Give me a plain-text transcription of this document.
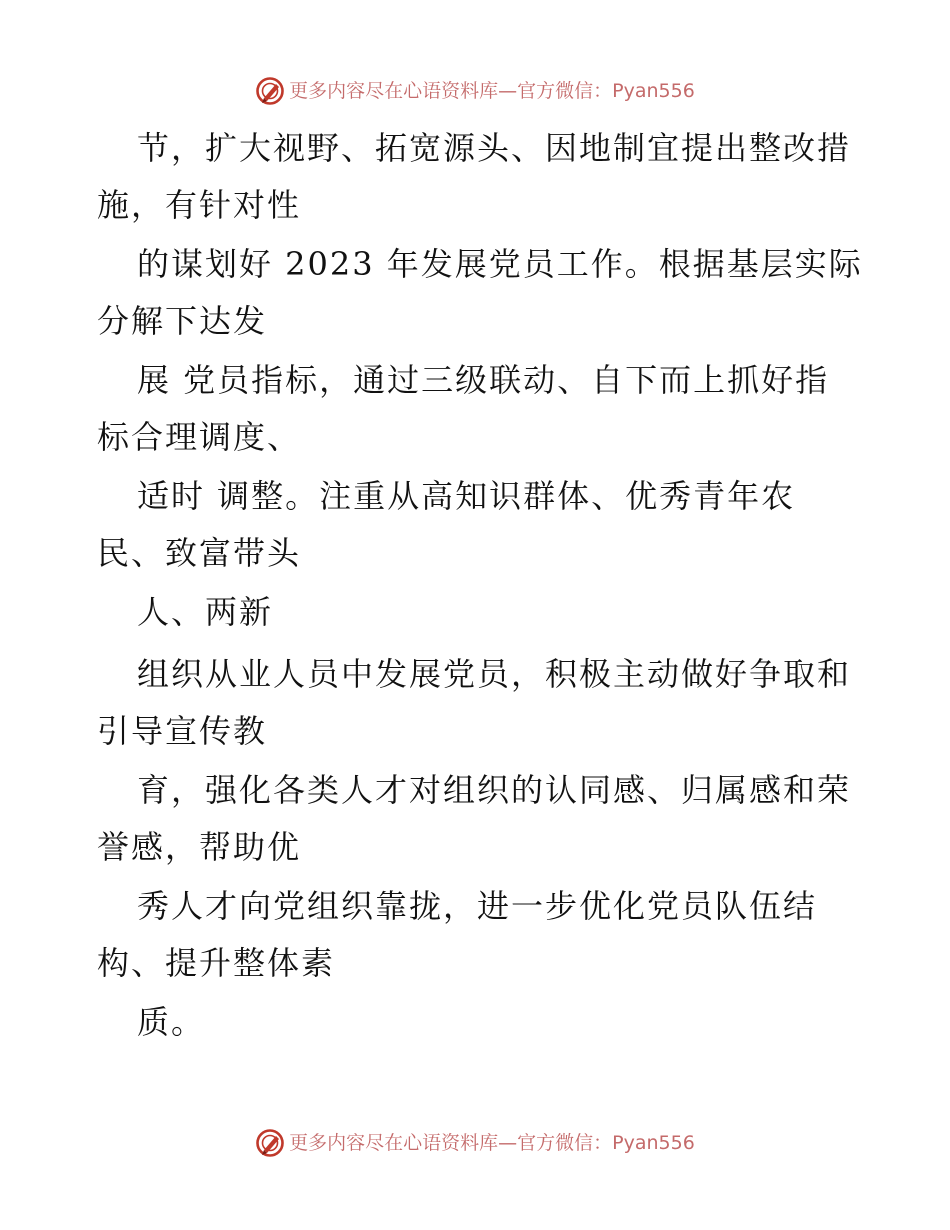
更多内容尽在心语资料库—官方微信：Pyan556
节，扩大视野、拓宽源头、因地制宜提出整改措
施，有针对性
的谋划好 2023 年发展党员工作。根据基层实际
分解下达发
展 党员指标，通过三级联动、自下而上抓好指
标合理调度、
适时 调整。注重从高知识群体、优秀青年农
民、致富带头
人、两新
组织从业人员中发展党员，积极主动做好争取和
引导宣传教
育，强化各类人才对组织的认同感、归属感和荣
誉感，帮助优
秀人才向党组织靠拢，进一步优化党员队伍结
构、提升整体素
质。
更多内容尽在心语资料库—官方微信：Pyan556
